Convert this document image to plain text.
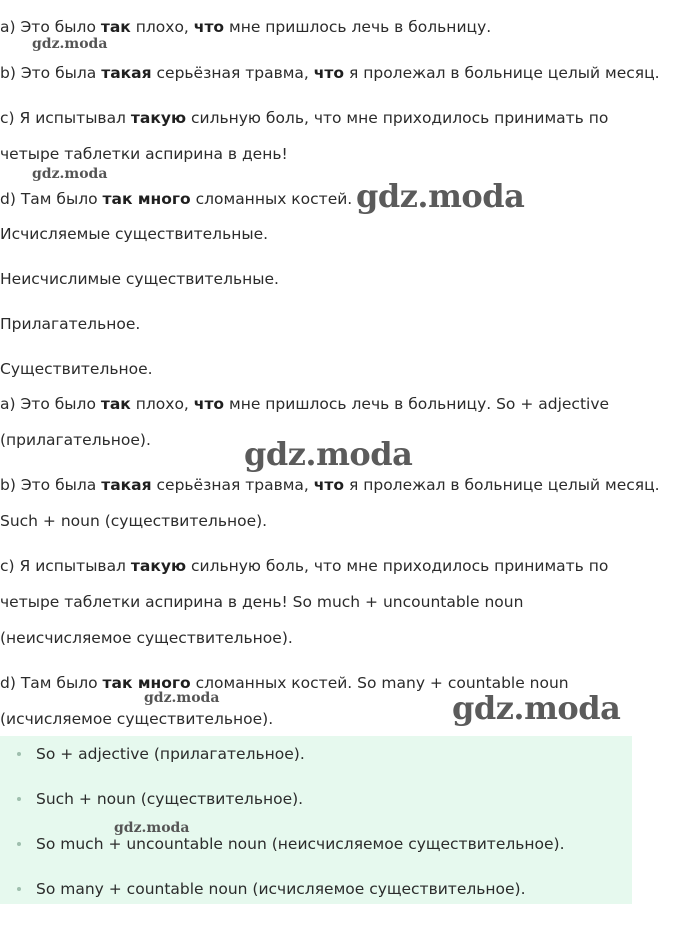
а) Это было так плохо, что мне пришлось лечь в больницу.
b) Это была такая серьёзная травма, что я пролежал в больнице целый месяц.
c) Я испытывал такую сильную боль, что мне приходилось принимать по
четыре таблетки аспирина в день!
d) Там было так много сломанных костей.
Исчисляемые существительные.
Неисчислимые существительные.
Прилагательное.
Существительное.
а) Это было так плохо, что мне пришлось лечь в больницу. So + adjective
(прилагательное).
b) Это была такая серьёзная травма, что я пролежал в больнице целый месяц.
Such + noun (существительное).
c) Я испытывал такую сильную боль, что мне приходилось принимать по
четыре таблетки аспирина в день! So much + uncountable noun
(неисчисляемое существительное).
d) Там было так много сломанных костей. So many + countable noun
(исчисляемое существительное).
So + adjective (прилагательное).
Such + noun (существительное).
So much + uncountable noun (неисчисляемое существительное).
So many + countable noun (исчисляемое существительное).
gdz.moda
gdz.moda
gdz.moda
gdz.moda
gdz.moda	gdz.moda
gdz.moda
